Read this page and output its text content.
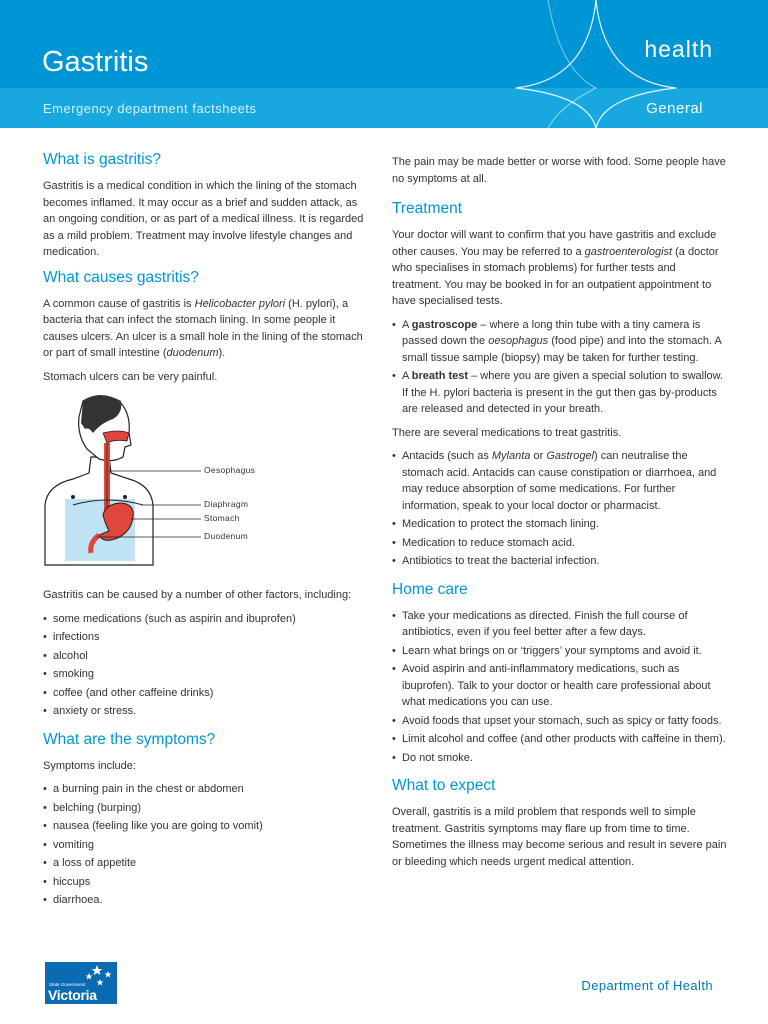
Gastritis	health
Emergency department factsheets	General
What is gastritis?

Gastritis is a medical condition in which the lining of the stomach becomes inflamed. It may occur as a brief and sudden attack, as an ongoing condition, or as part of a medical illness. It is regarded as a mild problem. Treatment may involve lifestyle changes and medication.

What causes gastritis?

A common cause of gastritis is Helicobacter pylori (H. pylori), a bacteria that can infect the stomach lining. In some people it causes ulcers. An ulcer is a small hole in the lining of the stomach or part of small intestine (duodenum).

Stomach ulcers can be very painful.

Oesophagus
Diaphragm
Stomach
Duodenum

Gastritis can be caused by a number of other factors, including:

• some medications (such as aspirin and ibuprofen)
• infections
• alcohol
• smoking
• coffee (and other caffeine drinks)
• anxiety or stress.
What are the symptoms?

Symptoms include:

• a burning pain in the chest or abdomen
• belching (burping)
• nausea (feeling like you are going to vomit)
• vomiting
• a loss of appetite
• hiccups
• diarrhoea.

The pain may be made better or worse with food. Some people have no symptoms at all.

Treatment

Your doctor will want to confirm that you have gastritis and exclude other causes. You may be referred to a gastroenterologist (a doctor who specialises in stomach problems) for further tests and treatment. You may be booked in for an outpatient appointment to have specialised tests.

• A gastroscope – where a long thin tube with a tiny camera is passed down the oesophagus (food pipe) and into the stomach. A small tissue sample (biopsy) may be taken for further testing.
• A breath test – where you are given a special solution to swallow. If the H. pylori bacteria is present in the gut then gas by-products are released and detected in your breath.

There are several medications to treat gastritis.

• Antacids (such as Mylanta or Gastrogel) can neutralise the stomach acid. Antacids can cause constipation or diarrhoea, and may reduce absorption of some medications. For further information, speak to your local doctor or pharmacist.
• Medication to protect the stomach lining.
• Medication to reduce stomach acid.
• Antibiotics to treat the bacterial infection.
Home care
• Take your medications as directed. Finish the full course of antibiotics, even if you feel better after a few days.
• Learn what brings on or ‘triggers’ your symptoms and avoid it.
• Avoid aspirin and anti-inflammatory medications, such as ibuprofen). Talk to your doctor or health care professional about what medications you can use.
• Avoid foods that upset your stomach, such as spicy or fatty foods.
• Limit alcohol and coffee (and other products with caffeine in them).
• Do not smoke.
What to expect

Overall, gastritis is a mild problem that responds well to simple treatment. Gastritis symptoms may flare up from time to time. Sometimes the illness may become serious and result in severe pain or bleeding which needs urgent medical attention.

State Government
Victoria
Department of Health
